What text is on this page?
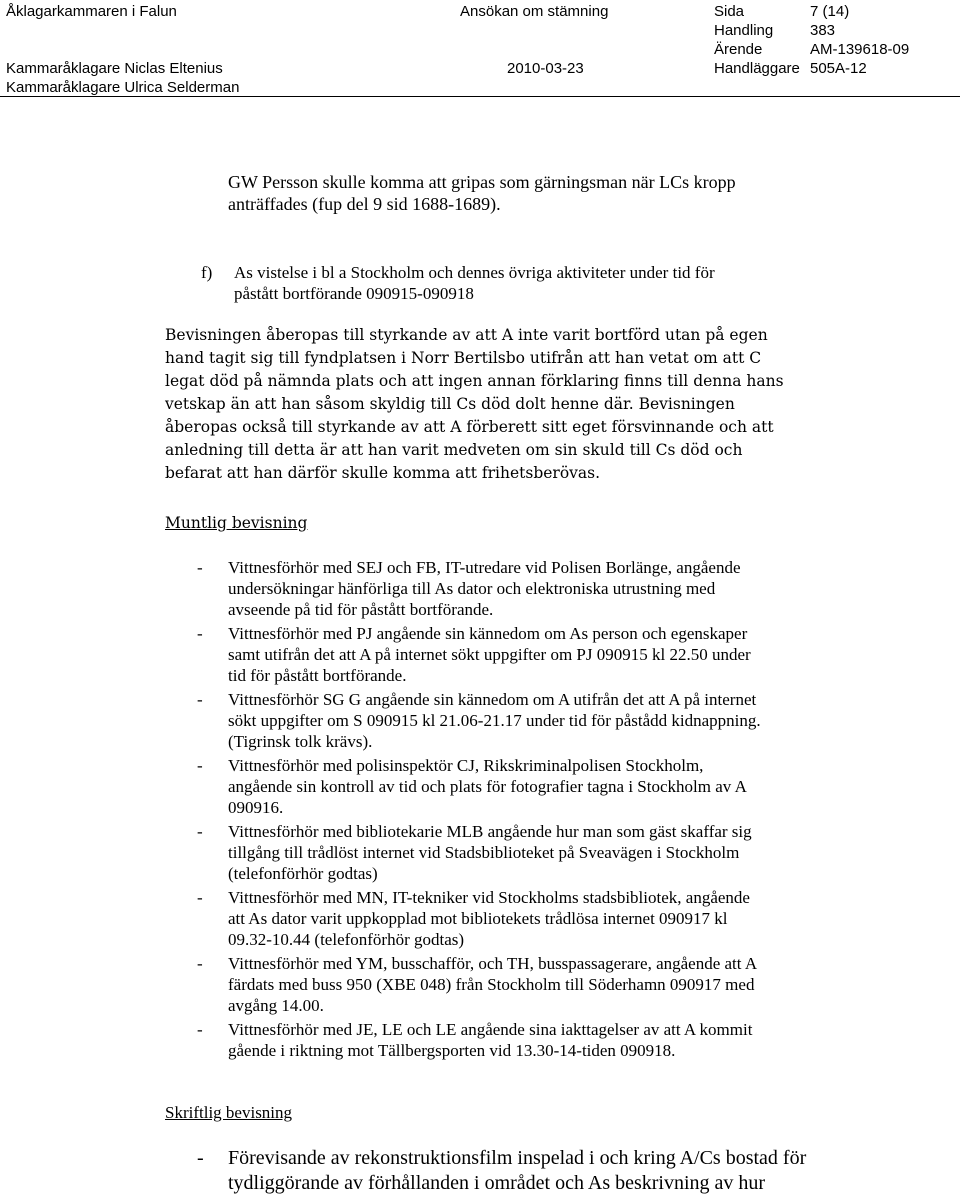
Åklagarkammaren i Falun	Ansökan om stämning	Sida	7 (14)
Handling 383
Ärende	AM-139618-09
Kammaråklagare Niclas Eltenius	2010-03-23	Handläggare 505A-12
Kammaråklagare Ulrica Selderman
GW Persson skulle komma att gripas som gärningsman när LCs kropp
anträffades (fup del 9 sid 1688-1689).
f) As vistelse i bl a Stockholm och dennes övriga aktiviteter under tid för
påstått bortförande 090915-090918
Bevisningen åberopas till styrkande av att A inte varit bortförd utan på egen
hand tagit sig till fyndplatsen i Norr Bertilsbo utifrån att han vetat om att C
legat död på nämnda plats och att ingen annan förklaring finns till denna hans
vetskap än att han såsom skyldig till Cs död dolt henne där. Bevisningen
åberopas också till styrkande av att A förberett sitt eget försvinnande och att
anledning till detta är att han varit medveten om sin skuld till Cs död och
befarat att han därför skulle komma att frihetsberövas.
Muntlig bevisning
- Vittnesförhör med SEJ och FB, IT-utredare vid Polisen Borlänge, angående
undersökningar hänförliga till As dator och elektroniska utrustning med
avseende på tid för påstått bortförande.
- Vittnesförhör med PJ angående sin kännedom om As person och egenskaper
samt utifrån det att A på internet sökt uppgifter om PJ 090915 kl 22.50 under
tid för påstått bortförande.
- Vittnesförhör SG G angående sin kännedom om A utifrån det att A på internet
sökt uppgifter om S 090915 kl 21.06-21.17 under tid för påstådd kidnappning.
(Tigrinsk tolk krävs).
- Vittnesförhör med polisinspektör CJ, Rikskriminalpolisen Stockholm,
angående sin kontroll av tid och plats för fotografier tagna i Stockholm av A
090916.
- Vittnesförhör med bibliotekarie MLB angående hur man som gäst skaffar sig
tillgång till trådlöst internet vid Stadsbiblioteket på Sveavägen i Stockholm
(telefonförhör godtas)
- Vittnesförhör med MN, IT-tekniker vid Stockholms stadsbibliotek, angående
att As dator varit uppkopplad mot bibliotekets trådlösa internet 090917 kl
09.32-10.44 (telefonförhör godtas)
- Vittnesförhör med YM, busschafför, och TH, busspassagerare, angående att A
färdats med buss 950 (XBE 048) från Stockholm till Söderhamn 090917 med
avgång 14.00.
- Vittnesförhör med JE, LE och LE angående sina iakttagelser av att A kommit
gående i riktning mot Tällbergsporten vid 13.30-14-tiden 090918.
Skriftlig bevisning
- Förevisande av rekonstruktionsfilm inspelad i och kring A/Cs bostad för
tydliggörande av förhållanden i området och As beskrivning av hur
